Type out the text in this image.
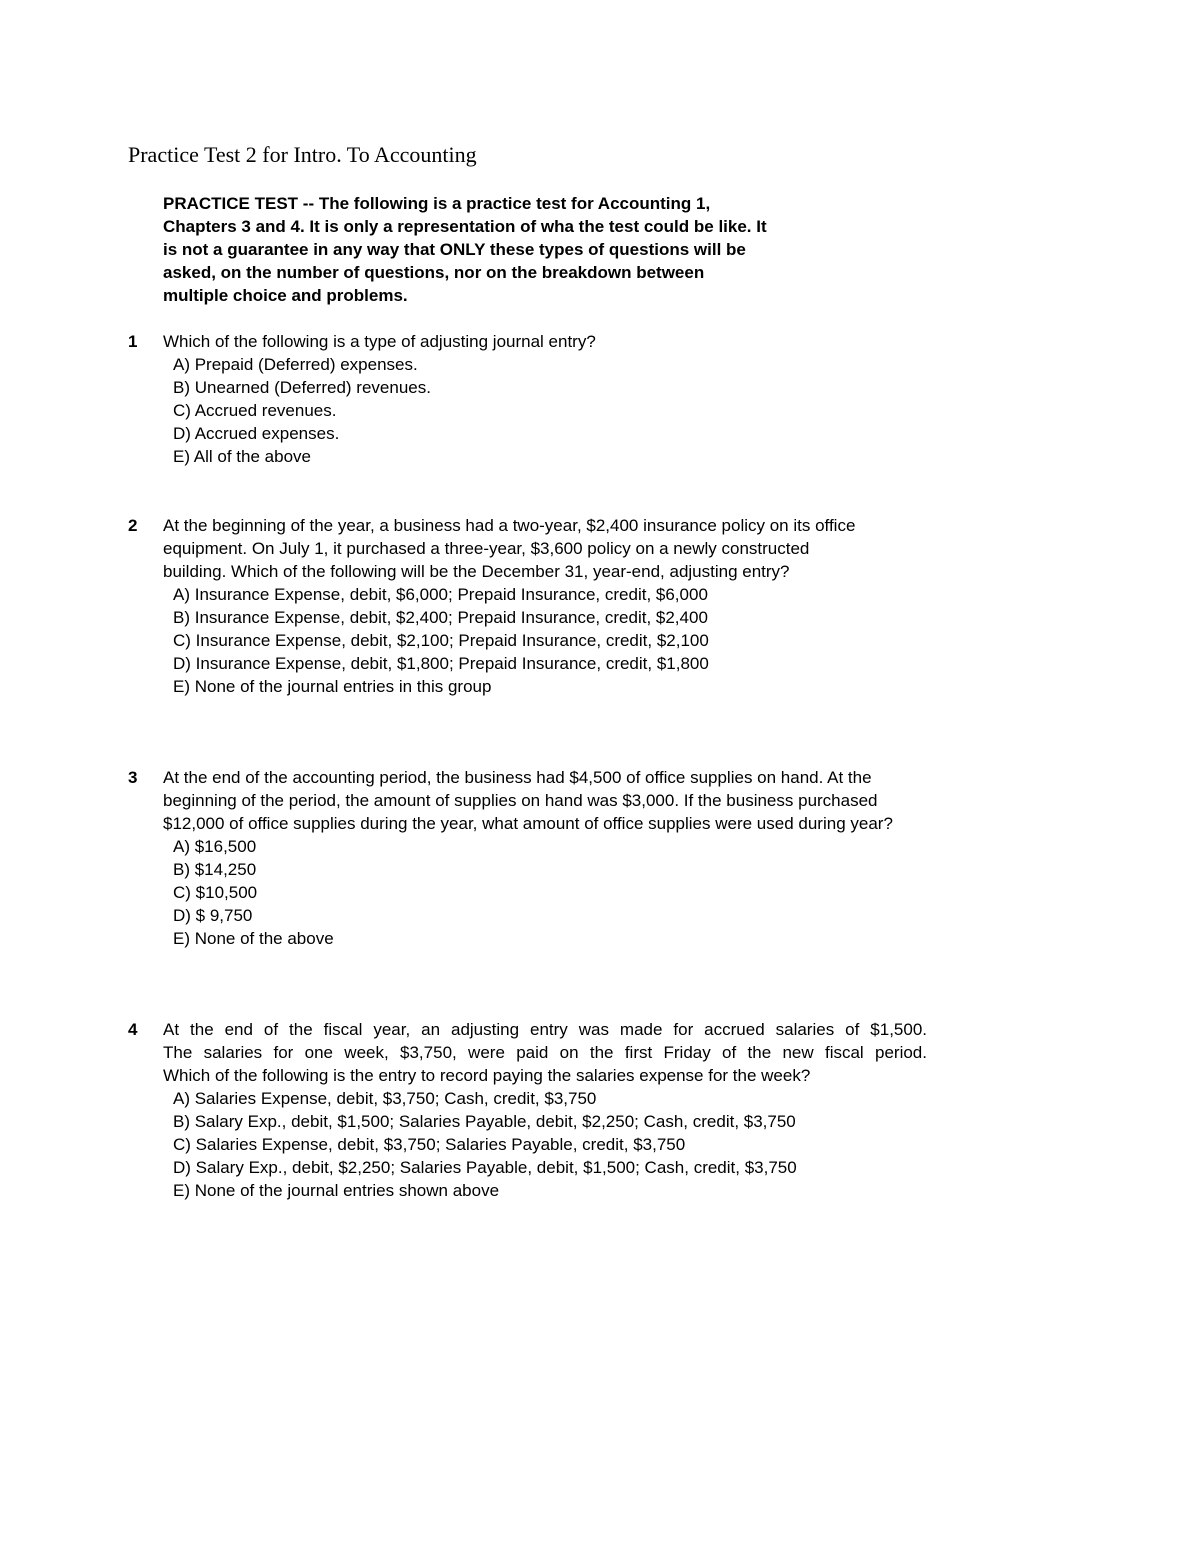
Practice Test 2 for Intro. To Accounting
PRACTICE TEST -- The following is a practice test for Accounting 1,
Chapters 3 and 4. It is only a representation of wha the test could be like. It
is not a guarantee in any way that ONLY these types of questions will be
asked, on the number of questions, nor on the breakdown between
multiple choice and problems.
1 Which of the following is a type of adjusting journal entry?
A) Prepaid (Deferred) expenses.
B) Unearned (Deferred) revenues.
C) Accrued revenues.
D) Accrued expenses.
E) All of the above
2 At the beginning of the year, a business had a two-year, $2,400 insurance policy on its office
equipment. On July 1, it purchased a three-year, $3,600 policy on a newly constructed
building. Which of the following will be the December 31, year-end, adjusting entry?
A) Insurance Expense, debit, $6,000; Prepaid Insurance, credit, $6,000
B) Insurance Expense, debit, $2,400; Prepaid Insurance, credit, $2,400
C) Insurance Expense, debit, $2,100; Prepaid Insurance, credit, $2,100
D) Insurance Expense, debit, $1,800; Prepaid Insurance, credit, $1,800
E) None of the journal entries in this group
3 At the end of the accounting period, the business had $4,500 of office supplies on hand. At the
beginning of the period, the amount of supplies on hand was $3,000. If the business purchased
$12,000 of office supplies during the year, what amount of office supplies were used during year?
A) $16,500
B) $14,250
C) $10,500
D) $ 9,750
E) None of the above
4 At the end of the fiscal year, an adjusting entry was made for accrued salaries of $1,500.
The salaries for one week, $3,750, were paid on the first Friday of the new fiscal period.
Which of the following is the entry to record paying the salaries expense for the week?
A) Salaries Expense, debit, $3,750; Cash, credit, $3,750
B) Salary Exp., debit, $1,500; Salaries Payable, debit, $2,250; Cash, credit, $3,750
C) Salaries Expense, debit, $3,750; Salaries Payable, credit, $3,750
D) Salary Exp., debit, $2,250; Salaries Payable, debit, $1,500; Cash, credit, $3,750
E) None of the journal entries shown above
